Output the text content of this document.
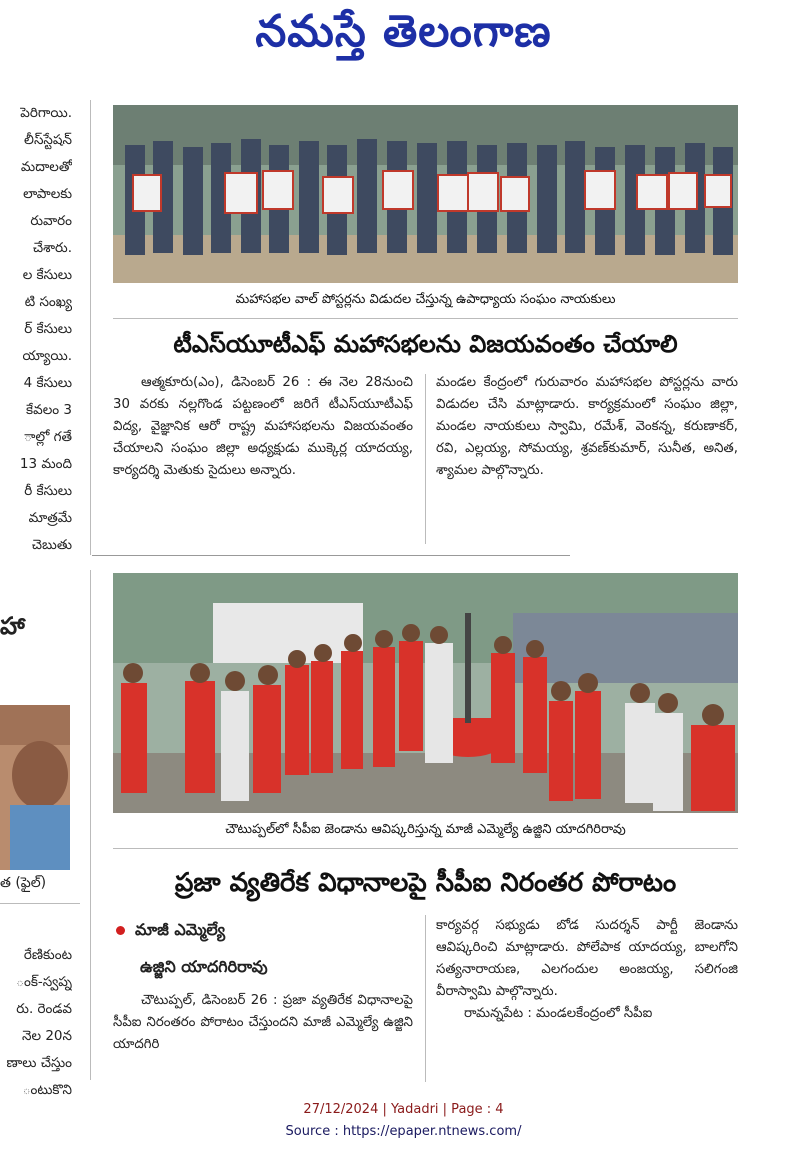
నమస్తే తెలంగాణ
పెరిగాయి.
లీస్‌స్టేషన్
మదాలతో
లాపాలకు
రువారం
చేశారు.
ల కేసులు
టి సంఖ్య
ర్ కేసులు
య్యాయి.
4 కేసులు
కేవలం 3
ాల్లో గతే
13 మంది
రీ కేసులు
మాత్రమే
చెబుతు
హా
త (ఫైల్)
రేణికుంట
ంక్-స్వప్న
రు. రెండవ
నెల 20న
ణాలు చేస్తుం
ంటుకొని
మహాసభల వాల్ పోస్టర్లను విడుదల చేస్తున్న ఉపాధ్యాయ సంఘం నాయకులు
టీఎస్‌యూటీఎఫ్ మహాసభలను విజయవంతం చేయాలి

ఆత్మకూరు(ఎం), డిసెంబర్ 26 : ఈ నెల 28నుంచి 30 వరకు నల్లగొండ పట్టణంలో జరిగే టీఎస్‌యూటీఎఫ్ విద్య, వైజ్ఞానిక ఆరో రాష్ట్ర మహాసభలను విజయవంతం చేయాలని సంఘం జిల్లా అధ్యక్షుడు ముక్కెర్ల యాదయ్య, కార్యదర్శి మెతుకు సైదులు అన్నారు.

మండల కేంద్రంలో గురువారం మహాసభల పోస్టర్లను వారు విడుదల చేసి మాట్లాడారు. కార్యక్రమంలో సంఘం జిల్లా, మండల నాయకులు స్వామి, రమేశ్, వెంకన్న, కరుణాకర్, రవి, ఎల్లయ్య, సోమయ్య, శ్రవణ్‌కుమార్, సునీత, అనిత, శ్యామల పాల్గొన్నారు.

చౌటుప్పల్‌లో సీపీఐ జెండాను ఆవిష్కరిస్తున్న మాజీ ఎమ్మెల్యే ఉజ్జిని యాదగిరిరావు
ప్రజా వ్యతిరేక విధానాలపై సీపీఐ నిరంతర పోరాటం
మాజీ ఎమ్మెల్యే
ఉజ్జిని యాదగిరిరావు

చౌటుప్పల్, డిసెంబర్ 26 : ప్రజా వ్యతిరేక విధానాలపై సీపీఐ నిరంతరం పోరాటం చేస్తుందని మాజీ ఎమ్మెల్యే ఉజ్జిని యాదగిరి

కార్యవర్గ సభ్యుడు బోడ సుదర్శన్ పార్టీ జెండాను ఆవిష్కరించి మాట్లాడారు. పోలేపాక యాదయ్య, బాలగోని సత్యనారాయణ, ఎలగందుల అంజయ్య, సలిగంజి వీరాస్వామి పాల్గొన్నారు.

రామన్నపేట : మండలకేంద్రంలో సీపీఐ

27/12/2024 | Yadadri | Page : 4
Source : https://epaper.ntnews.com/
